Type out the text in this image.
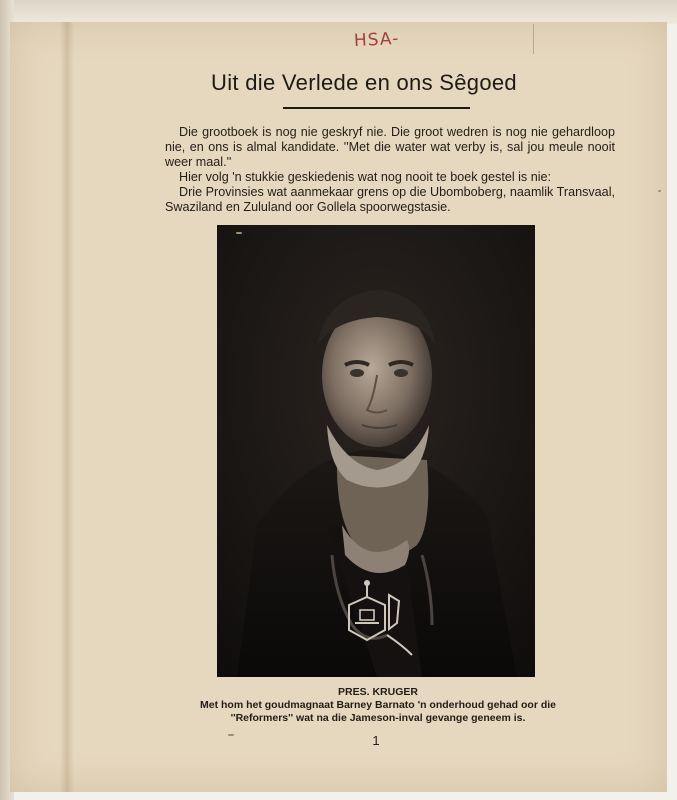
HSA-
Uit die Verlede en ons Sêgoed

Die grootboek is nog nie geskryf nie. Die groot wedren is nog nie gehardloop nie, en ons is almal kandidate. ''Met die water wat verby is, sal jou meule nooit weer maal.''

Hier volg 'n stukkie geskiedenis wat nog nooit te boek gestel is nie:

Drie Provinsies wat aanmekaar grens op die Ubomboberg, naamlik Transvaal, Swaziland en Zululand oor Gollela spoorwegstasie.

PRES. KRUGER
Met hom het goudmagnaat Barney Barnato 'n onderhoud gehad oor die ''Reformers'' wat na die Jameson-inval gevange geneem is.
1
